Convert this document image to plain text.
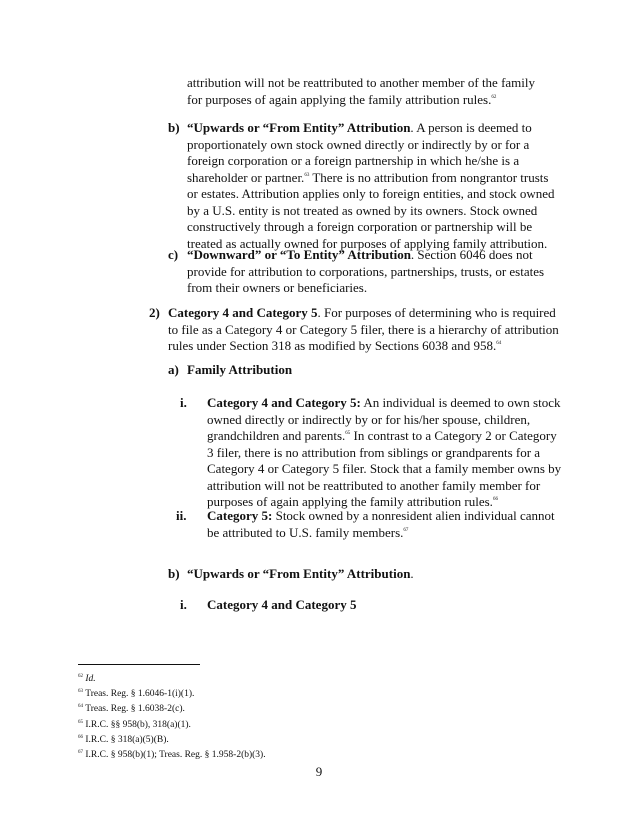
attribution will not be reattributed to another member of the family for purposes of again applying the family attribution rules.$^{62}$

b) “Upwards or “From Entity” Attribution. A person is deemed to proportionately own stock owned directly or indirectly by or for a foreign corporation or a foreign partnership in which he/she is a shareholder or partner.$^{63}$ There is no attribution from nongrantor trusts or estates. Attribution applies only to foreign entities, and stock owned by a U.S. entity is not treated as owned by its owners. Stock owned constructively through a foreign corporation or partnership will be treated as actually owned for purposes of applying family attribution.

c) “Downward” or “To Entity” Attribution. Section 6046 does not provide for attribution to corporations, partnerships, trusts, or estates from their owners or beneficiaries.

2) Category 4 and Category 5. For purposes of determining who is required to file as a Category 4 or Category 5 filer, there is a hierarchy of attribution rules under Section 318 as modified by Sections 6038 and 958.64

a) Family Attribution

i.	Category 4 and Category 5: An individual is deemed to own stock owned directly or indirectly by or for his/her spouse, children, grandchildren and parents.$^{65}$ In contrast to a Category 2 or Category 3 filer, there is no attribution from siblings or grandparents for a Category 4 or Category 5 filer. Stock that a family member owns by attribution will not be reattributed to another family member for purposes of again applying the family attribution rules.$^{66}$

ii.	Category 5: Stock owned by a nonresident alien individual cannot be attributed to U.S. family members.$^{67}$

b) “Upwards or “From Entity” Attribution.

i.	Category 4 and Category 5

$^{62}$ Id.
$^{63}$ Treas. Reg. § 1.6046-1(i)(1).
$^{64}$ Treas. Reg. § 1.6038-2(c).
$^{65}$ I.R.C. §§ 958(b), 318(a)(1).
$^{66}$ I.R.C. § 318(a)(5)(B).
$^{67}$ I.R.C. § 958(b)(1); Treas. Reg. § 1.958-2(b)(3).
9
